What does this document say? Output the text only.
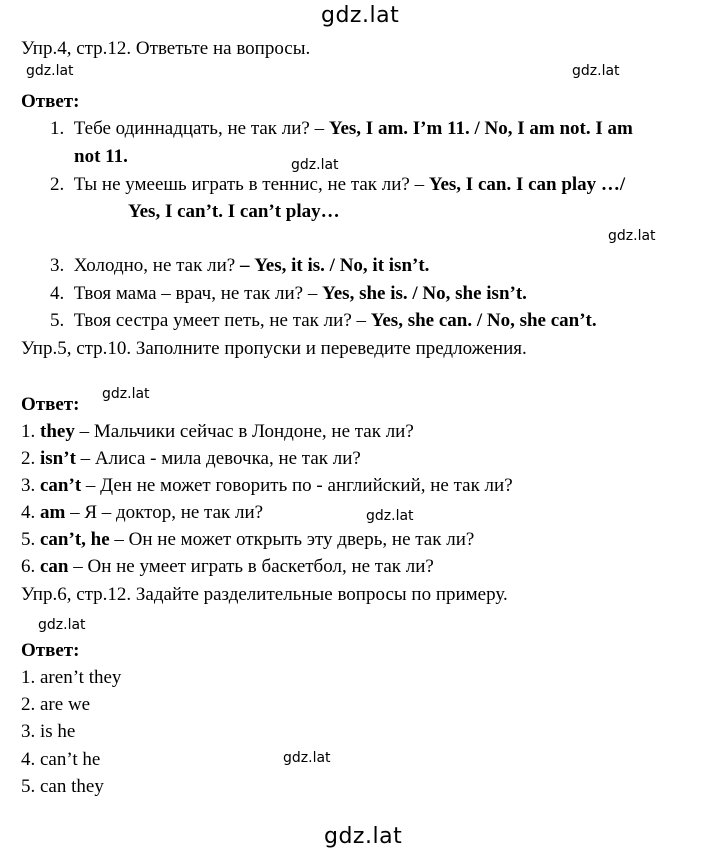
gdz.lat
gdz.lat	gdz.lat
gdz.lat
gdz.lat
gdz.lat
gdz.lat
gdz.lat
gdz.lat
gdz.lat
Упр.4, стр.12. Ответьте на вопросы.
Ответ:
1. Тебе одиннадцать, не так ли? – Yes, I am. I’m 11. / No, I am not. I am
not 11.
2. Ты не умеешь играть в теннис, не так ли? – Yes, I can. I can play …/
Yes, I can’t. I can’t play…
3. Холодно, не так ли? – Yes, it is. / No, it isn’t.
4. Твоя мама – врач, не так ли? – Yes, she is. / No, she isn’t.
5. Твоя сестра умеет петь, не так ли? – Yes, she can. / No, she can’t.
Упр.5, стр.10. Заполните пропуски и переведите предложения.
Ответ:
1. they – Мальчики сейчас в Лондоне, не так ли?
2. isn’t – Алиса - мила девочка, не так ли?
3. can’t – Ден не может говорить по - английский, не так ли?
4. am – Я – доктор, не так ли?
5. can’t, he – Он не может открыть эту дверь, не так ли?
6. can – Он не умеет играть в баскетбол, не так ли?
Упр.6, стр.12. Задайте разделительные вопросы по примеру.
Ответ:
1. aren’t they
2. are we
3. is he
4. can’t he
5. can they
